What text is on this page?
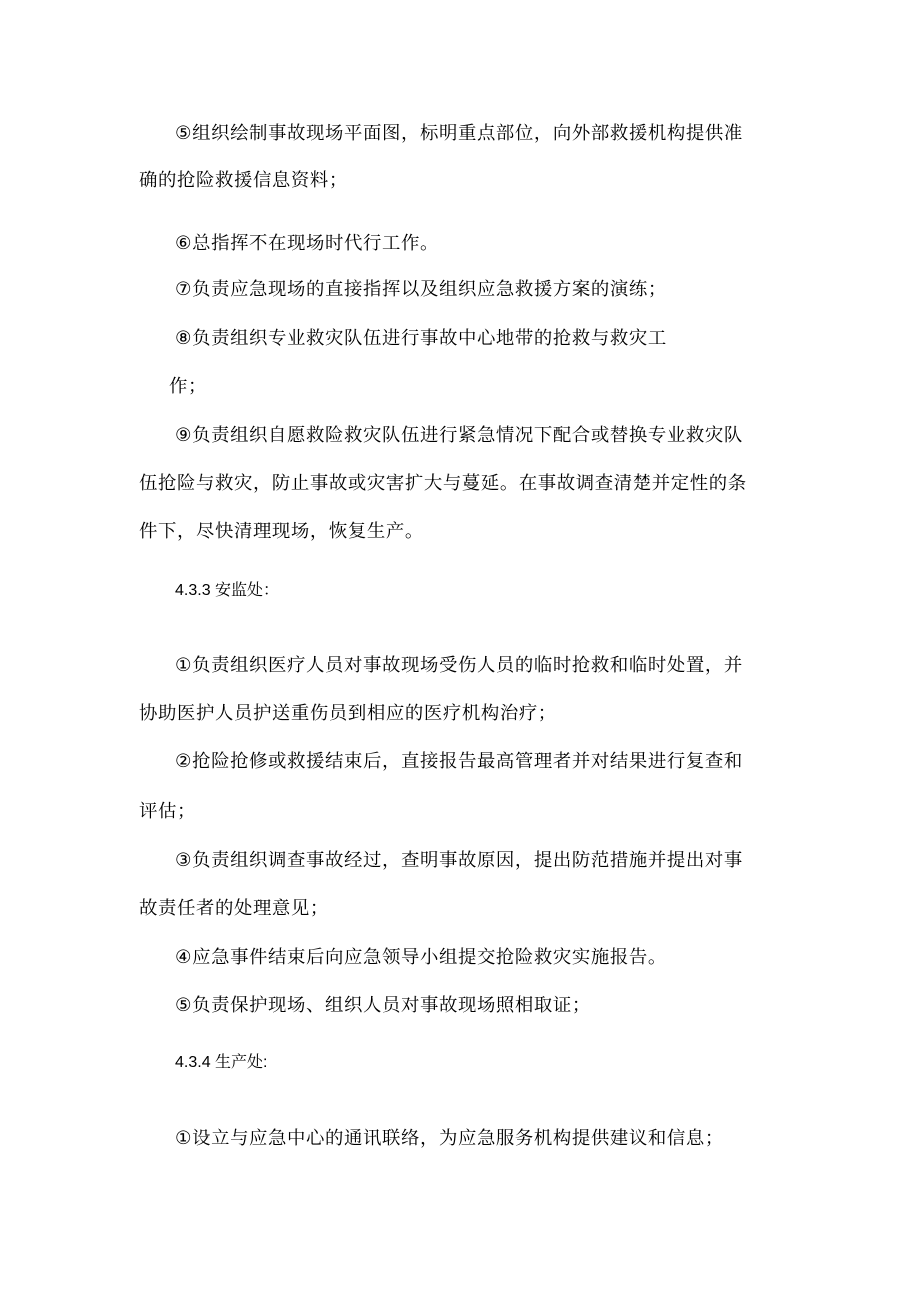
⑤组织绘制事故现场平面图，标明重点部位，向外部救援机构提供准
确的抢险救援信息资料；
⑥总指挥不在现场时代行工作。
⑦负责应急现场的直接指挥以及组织应急救援方案的演练；
⑧负责组织专业救灾队伍进行事故中心地带的抢救与救灾工
作；
⑨负责组织自愿救险救灾队伍进行紧急情况下配合或替换专业救灾队
伍抢险与救灾，防止事故或灾害扩大与蔓延。在事故调查清楚并定性的条
件下，尽快清理现场，恢复生产。
4.3.3 安监处：
①负责组织医疗人员对事故现场受伤人员的临时抢救和临时处置，并
协助医护人员护送重伤员到相应的医疗机构治疗；
②抢险抢修或救援结束后，直接报告最高管理者并对结果进行复查和
评估；
③负责组织调查事故经过，查明事故原因，提出防范措施并提出对事
故责任者的处理意见；
④应急事件结束后向应急领导小组提交抢险救灾实施报告。
⑤负责保护现场、组织人员对事故现场照相取证；
4.3.4 生产处:
①设立与应急中心的通讯联络，为应急服务机构提供建议和信息；
